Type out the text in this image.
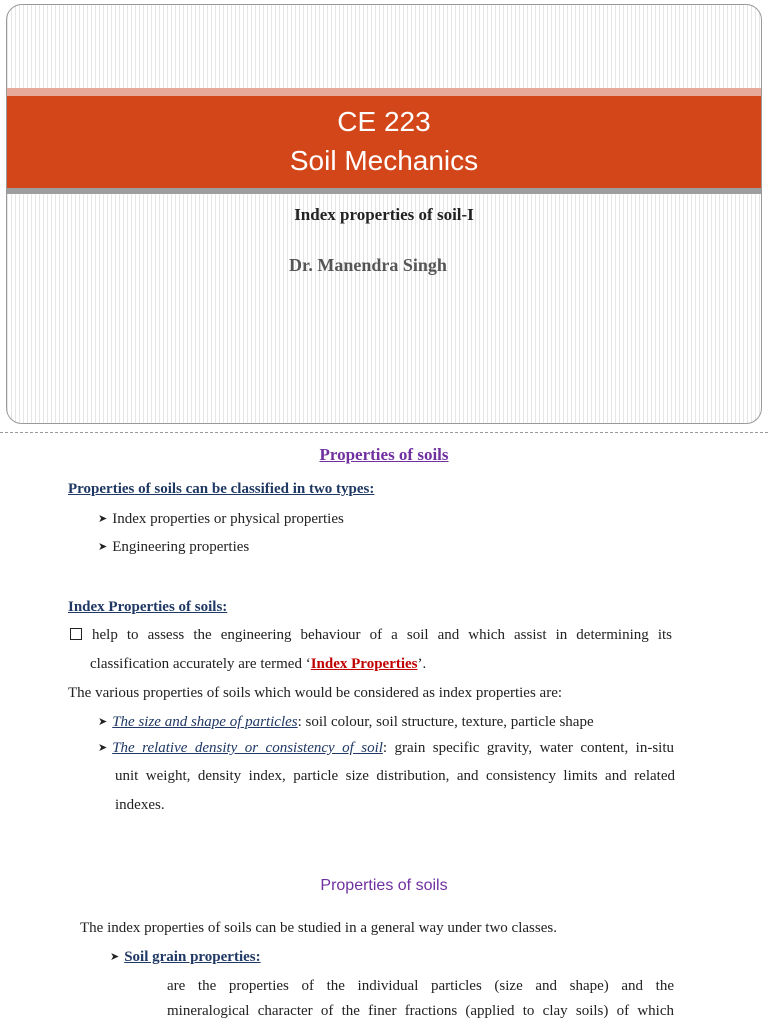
CE 223
Soil Mechanics
Index properties of soil-I
Dr. Manendra Singh
Properties of soils
Properties of soils can be classified in two types:
➤ Index properties or physical properties
➤ Engineering properties
Index Properties of soils:
help to assess the engineering behaviour of a soil and which assist in determining its
classification accurately are termed ‘Index Properties’.
The various properties of soils which would be considered as index properties are:
➤ The size and shape of particles: soil colour, soil structure, texture, particle shape
➤ The relative density or consistency of soil: grain specific gravity, water content, in-situ
unit weight, density index, particle size distribution, and consistency limits and related
indexes.
Properties of soils
The index properties of soils can be studied in a general way under two classes.
➤ Soil grain properties:
are the properties of the individual particles (size and shape) and the
mineralogical character of the finer fractions (applied to clay soils) of which
